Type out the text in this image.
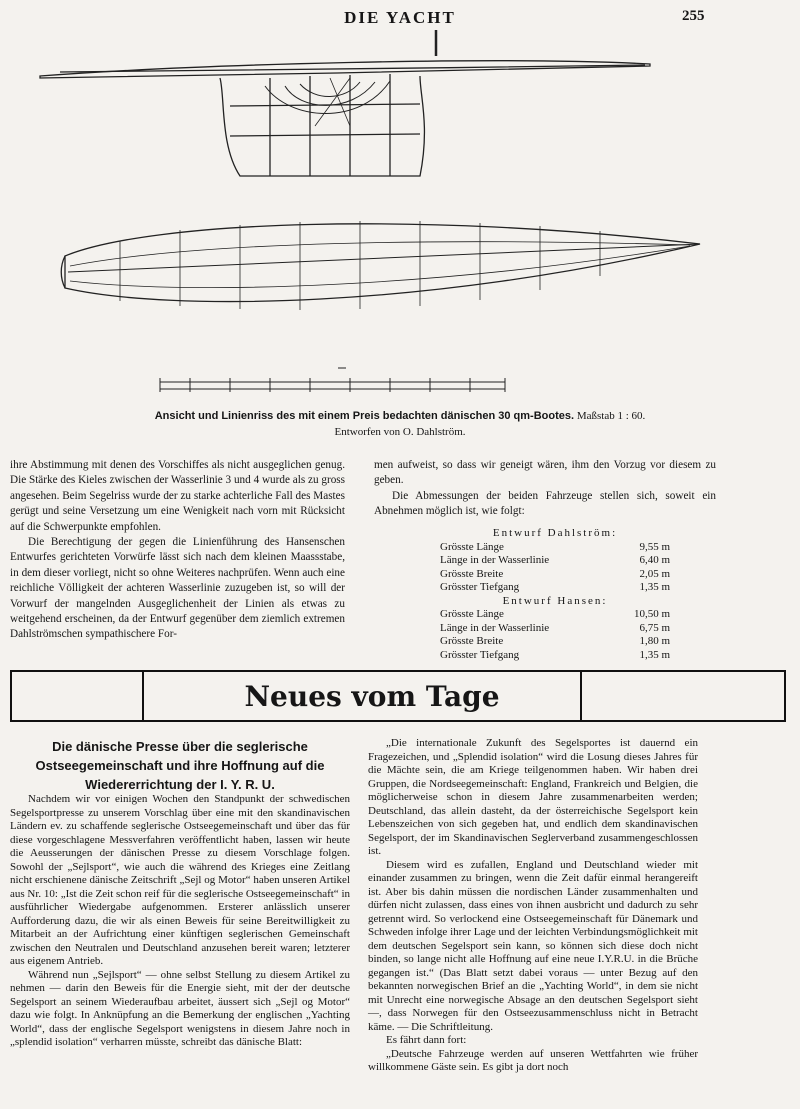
DIE YACHT	255
Ansicht und Linienriss des mit einem Preis bedachten dänischen 30 qm-Bootes. Maßstab 1 : 60.
Entworfen von O. Dahlström.

ihre Abstimmung mit denen des Vorschiffes als nicht ausgeglichen genug. Die Stärke des Kieles zwischen der Wasserlinie 3 und 4 wurde als zu gross angesehen. Beim Segelriss wurde der zu starke achterliche Fall des Mastes gerügt und seine Versetzung um eine Wenigkeit nach vorn mit Rücksicht auf die Schwerpunkte empfohlen.

Die Berechtigung der gegen die Linienführung des Hansenschen Entwurfes gerichteten Vorwürfe lässt sich nach dem kleinen Maassstabe, in dem dieser vorliegt, nicht so ohne Weiteres nachprüfen. Wenn auch eine reichliche Völligkeit der achteren Wasserlinie zuzugeben ist, so will der Vorwurf der mangelnden Ausgeglichenheit der Linien als etwas zu weitgehend erscheinen, da der Entwurf gegenüber dem ziemlich extremen Dahlströmschen sympathischere For-

men aufweist, so dass wir geneigt wären, ihm den Vorzug vor diesem zu geben.

Die Abmessungen der beiden Fahrzeuge stellen sich, soweit ein Abnehmen möglich ist, wie folgt:

Entwurf Dahlström:
Grösste Länge	9,55 m
Länge in der Wasserlinie	6,40 m
Grösste Breite	2,05 m
Grösster Tiefgang	1,35 m
Entwurf Hansen:
Grösste Länge	10,50 m
Länge in der Wasserlinie	6,75 m
Grösste Breite	1,80 m
Grösster Tiefgang	1,35 m
Neues vom Tage
Die dänische Presse über die seglerische Ostseegemeinschaft und ihre Hoffnung auf die Wiedererrichtung der I. Y. R. U.

Nachdem wir vor einigen Wochen den Standpunkt der schwedischen Segelsportpresse zu unserem Vorschlag über eine mit den skandinavischen Ländern ev. zu schaffende seglerische Ostseegemeinschaft und über das für diese vorgeschlagene Messverfahren veröffentlicht haben, lassen wir heute die Aeusserungen der dänischen Presse zu diesem Vorschlage folgen. Sowohl der „Sejlsport“, wie auch die während des Krieges eine Zeitlang nicht erschienene dänische Zeitschrift „Sejl og Motor“ haben unseren Artikel aus Nr. 10: „Ist die Zeit schon reif für die seglerische Ostseegemeinschaft“ in ausführlicher Wiedergabe aufgenommen. Ersterer anlässlich unserer Aufforderung dazu, die wir als einen Beweis für seine Bereitwilligkeit zu Mitarbeit an der Aufrichtung einer künftigen seglerischen Gemeinschaft zwischen den Neutralen und Deutschland anzusehen bereit waren; letzterer aus eigenem Antrieb.

Während nun „Sejlsport“ — ohne selbst Stellung zu diesem Artikel zu nehmen — darin den Beweis für die Energie sieht, mit der der deutsche Segelsport an seinem Wiederaufbau arbeitet, äussert sich „Sejl og Motor“ dazu wie folgt. In Anknüpfung an die Bemerkung der englischen „Yachting World“, dass der englische Segelsport wenigstens in diesem Jahre noch in „splendid isolation“ verharren müsste, schreibt das dänische Blatt:

„Die internationale Zukunft des Segelsportes ist dauernd ein Fragezeichen, und „Splendid isolation“ wird die Losung dieses Jahres für die Mächte sein, die am Kriege teilgenommen haben. Wir haben drei Gruppen, die Nordseegemeinschaft: England, Frankreich und Belgien, die möglicherweise schon in diesem Jahre zusammenarbeiten werden; Deutschland, das allein dasteht, da der österreichische Segelsport kein Lebenszeichen von sich gegeben hat, und endlich dem skandinavischen Segelsport, der im Skandinavischen Seglerverband zusammengeschlossen ist.

Diesem wird es zufallen, England und Deutschland wieder mit einander zusammen zu bringen, wenn die Zeit dafür einmal herangereift ist. Aber bis dahin müssen die nordischen Länder zusammenhalten und dürfen nicht zulassen, dass eines von ihnen ausbricht und dadurch zu sehr getrennt wird. So verlockend eine Ostseegemeinschaft für Dänemark und Schweden infolge ihrer Lage und der leichten Verbindungsmöglichkeit mit dem deutschen Segelsport sein kann, so können sich diese doch nicht binden, so lange nicht alle Hoffnung auf eine neue I.Y.R.U. in die Brüche gegangen ist.“ (Das Blatt setzt dabei voraus — unter Bezug auf den bekannten norwegischen Brief an die „Yachting World“, in dem sie nicht mit Unrecht eine norwegische Absage an den deutschen Segelsport sieht —, dass Norwegen für den Ostseezusammenschluss nicht in Betracht käme. — Die Schriftleitung.

Es fährt dann fort:

„Deutsche Fahrzeuge werden auf unseren Wettfahrten wie früher willkommene Gäste sein. Es gibt ja dort noch
